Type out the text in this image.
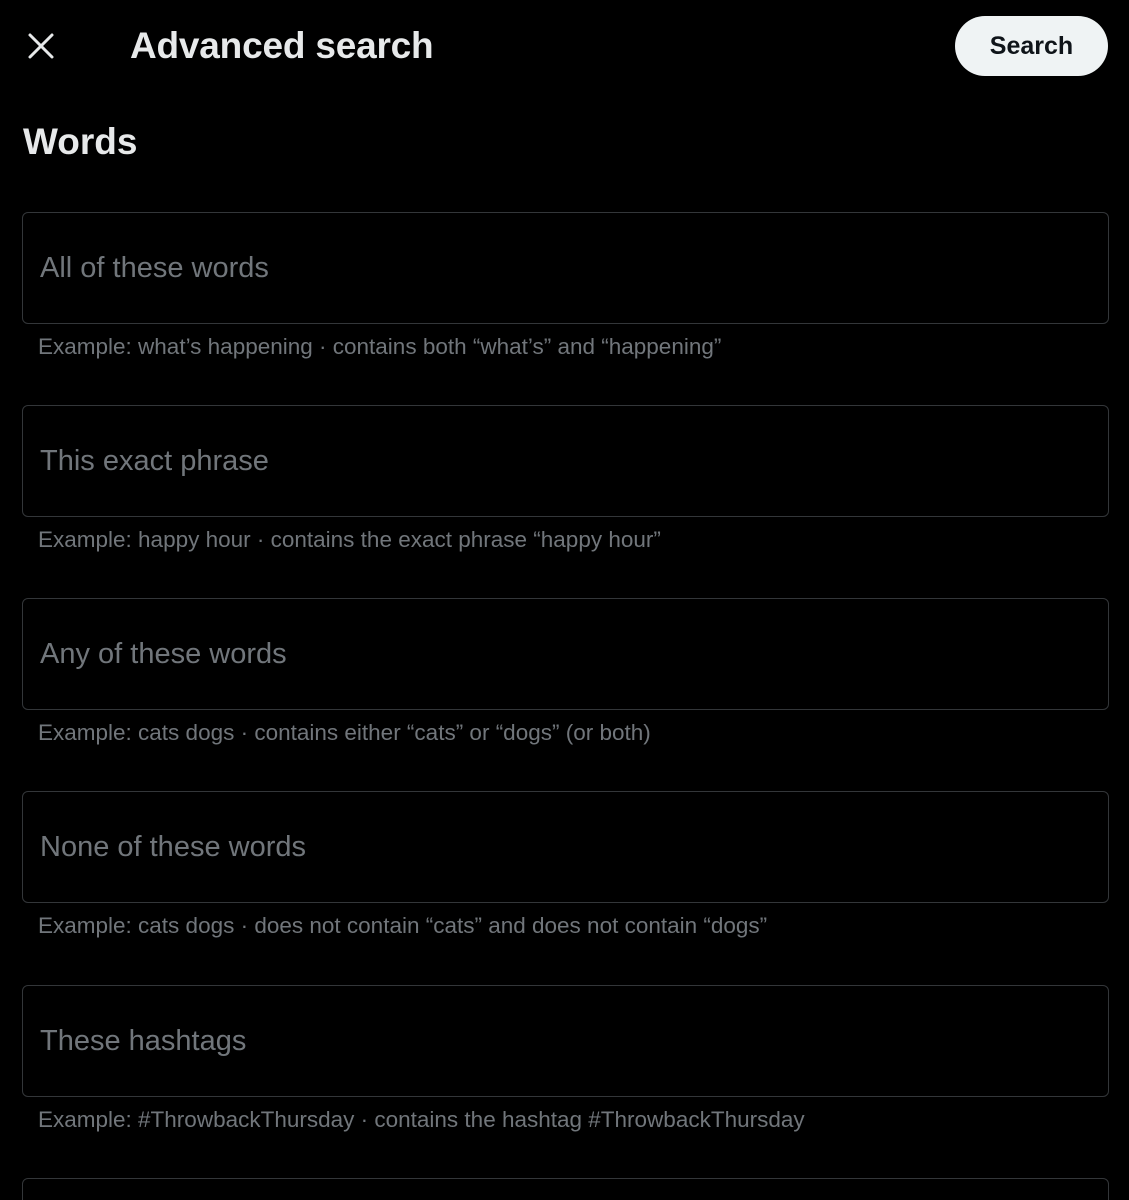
Advanced search	Search
Words
All of these words
Example: what’s happening · contains both “what’s” and “happening”
This exact phrase
Example: happy hour · contains the exact phrase “happy hour”
Any of these words
Example: cats dogs · contains either “cats” or “dogs” (or both)
None of these words
Example: cats dogs · does not contain “cats” and does not contain “dogs”
These hashtags
Example: #ThrowbackThursday · contains the hashtag #ThrowbackThursday
